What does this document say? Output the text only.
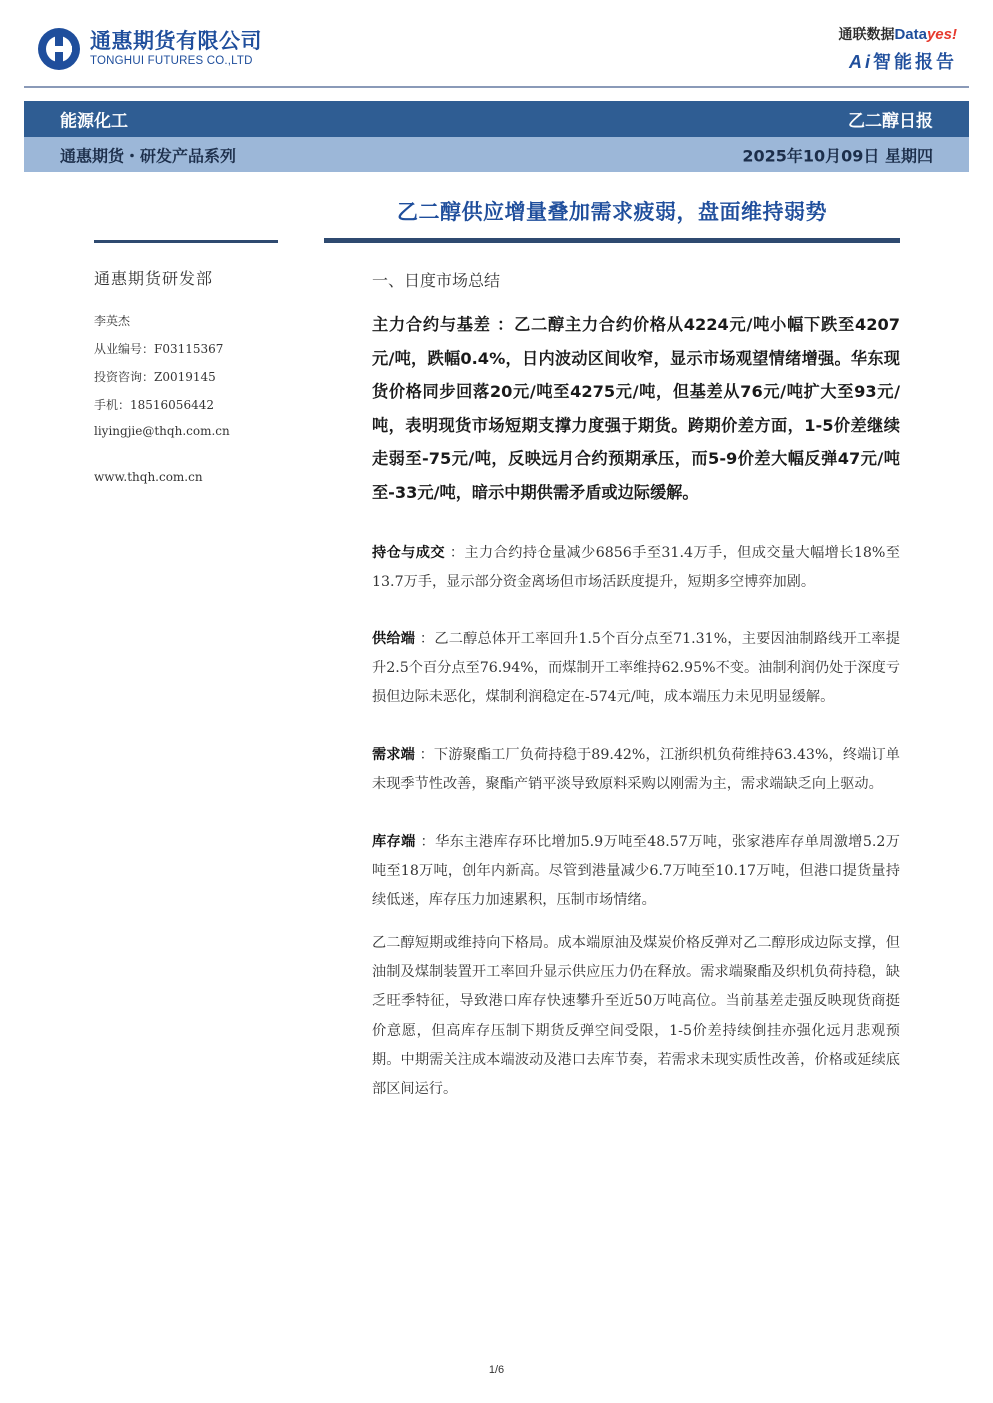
通惠期货有限公司
TONGHUI FUTURES CO.,LTD
通联数据Datayes!
Ai智能报告
能源化工	乙二醇日报
通惠期货・研发产品系列	2025年10月09日 星期四
乙二醇供应增量叠加需求疲弱，盘面维持弱势
通惠期货研发部
李英杰
从业编号：F03115367
投资咨询：Z0019145
手机：18516056442
liyingjie@thqh.com.cn
www.thqh.com.cn
一、日度市场总结
主力合约与基差 ：乙二醇主力合约价格从4224元/吨小幅下跌至4207元/吨，跌幅0.4%，日内波动区间收窄，显示市场观望情绪增强。华东现货价格同步回落20元/吨至4275元/吨，但基差从76元/吨扩大至93元/吨，表明现货市场短期支撑力度强于期货。跨期价差方面，1-5价差继续走弱至-75元/吨，反映远月合约预期承压，而5-9价差大幅反弹47元/吨至-33元/吨，暗示中期供需矛盾或边际缓解。
持仓与成交 ：主力合约持仓量减少6856手至31.4万手，但成交量大幅增长18%至13.7万手，显示部分资金离场但市场活跃度提升，短期多空博弈加剧。
供给端 ：乙二醇总体开工率回升1.5个百分点至71.31%，主要因油制路线开工率提升2.5个百分点至76.94%，而煤制开工率维持62.95%不变。油制利润仍处于深度亏损但边际未恶化，煤制利润稳定在-574元/吨，成本端压力未见明显缓解。
需求端 ：下游聚酯工厂负荷持稳于89.42%，江浙织机负荷维持63.43%，终端订单未现季节性改善，聚酯产销平淡导致原料采购以刚需为主，需求端缺乏向上驱动。
库存端 ：华东主港库存环比增加5.9万吨至48.57万吨，张家港库存单周激增5.2万吨至18万吨，创年内新高。尽管到港量减少6.7万吨至10.17万吨，但港口提货量持续低迷，库存压力加速累积，压制市场情绪。
乙二醇短期或维持向下格局。成本端原油及煤炭价格反弹对乙二醇形成边际支撑，但油制及煤制装置开工率回升显示供应压力仍在释放。需求端聚酯及织机负荷持稳，缺乏旺季特征，导致港口库存快速攀升至近50万吨高位。当前基差走强反映现货商挺价意愿，但高库存压制下期货反弹空间受限，1-5价差持续倒挂亦强化远月悲观预期。中期需关注成本端波动及港口去库节奏，若需求未现实质性改善，价格或延续底部区间运行。
1/6
